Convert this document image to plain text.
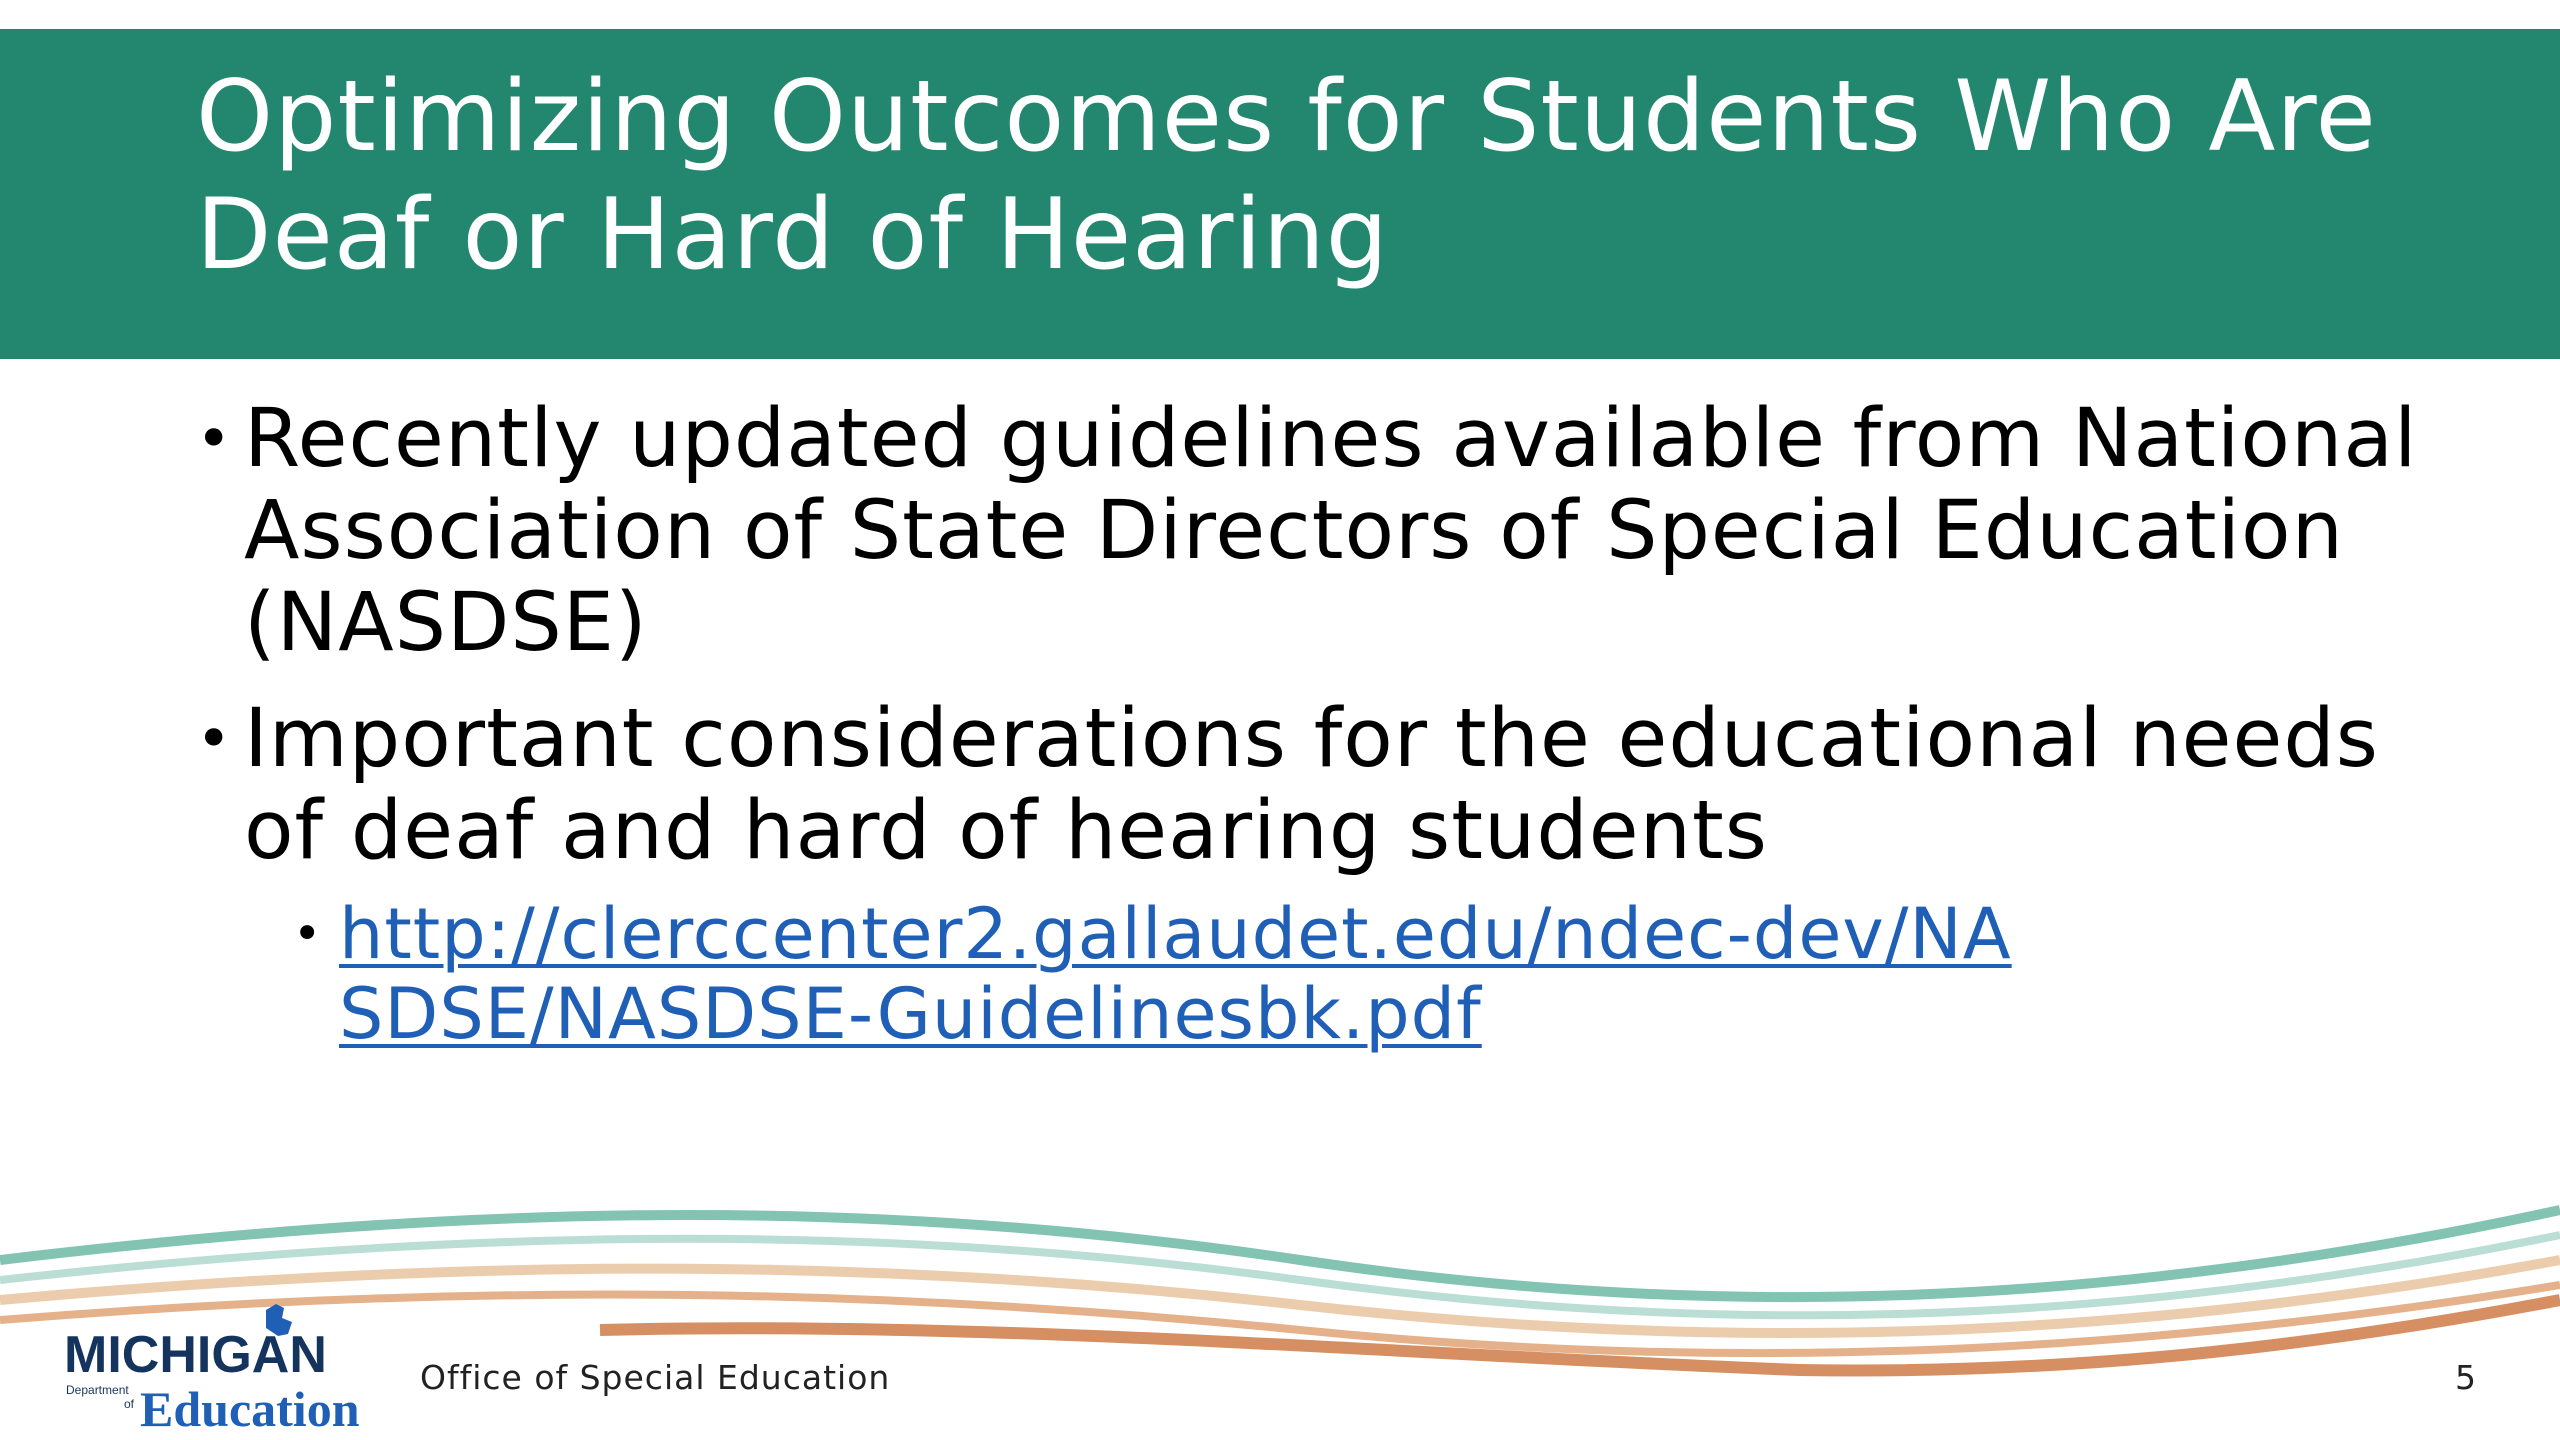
Optimizing Outcomes for Students Who Are Deaf or Hard of Hearing
• Recently updated guidelines available from National Association of State Directors of Special Education (NASDSE)
• Important considerations for the educational needs of deaf and hard of hearing students
• http://clerccenter2.gallaudet.edu/ndec-dev/NASDSE/NASDSE-Guidelinesbk.pdf
MICHIGAN
Department
of Education
Office of Special Education	5
